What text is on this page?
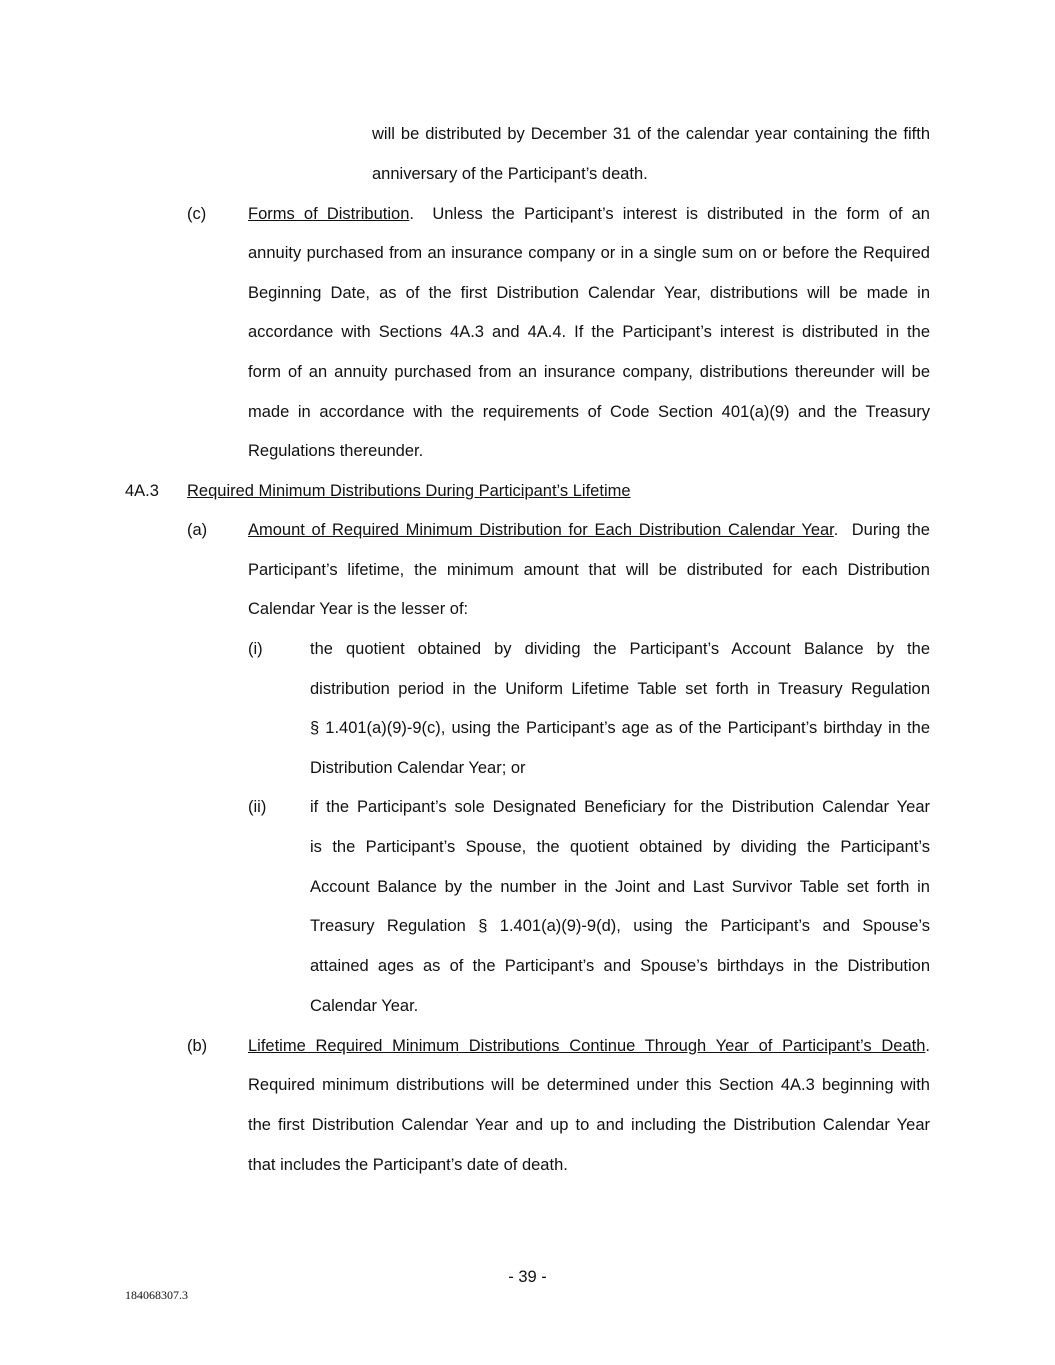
will be distributed by December 31 of the calendar year containing the fifth
anniversary of the Participant’s death.
(c)	Forms of Distribution. Unless the Participant’s interest is distributed in the form of an
annuity purchased from an insurance company or in a single sum on or before the Required
Beginning Date, as of the first Distribution Calendar Year, distributions will be made in
accordance with Sections 4A.3 and 4A.4. If the Participant’s interest is distributed in the
form of an annuity purchased from an insurance company, distributions thereunder will be
made in accordance with the requirements of Code Section 401(a)(9) and the Treasury
Regulations thereunder.
4A.3 Required Minimum Distributions During Participant’s Lifetime
(a) Amount of Required Minimum Distribution for Each Distribution Calendar Year. During the
Participant’s lifetime, the minimum amount that will be distributed for each Distribution
Calendar Year is the lesser of:
(i)	the quotient obtained by dividing the Participant’s Account Balance by the
distribution period in the Uniform Lifetime Table set forth in Treasury Regulation
§ 1.401(a)(9)-9(c), using the Participant’s age as of the Participant’s birthday in the
Distribution Calendar Year; or
(ii)	if the Participant’s sole Designated Beneficiary for the Distribution Calendar Year
is the Participant’s Spouse, the quotient obtained by dividing the Participant’s
Account Balance by the number in the Joint and Last Survivor Table set forth in
Treasury Regulation § 1.401(a)(9)-9(d), using the Participant’s and Spouse’s
attained ages as of the Participant’s and Spouse’s birthdays in the Distribution
Calendar Year.
(b) Lifetime Required Minimum Distributions Continue Through Year of Participant’s Death.
Required minimum distributions will be determined under this Section 4A.3 beginning with
the first Distribution Calendar Year and up to and including the Distribution Calendar Year
that includes the Participant’s date of death.
- 39 -
184068307.3
